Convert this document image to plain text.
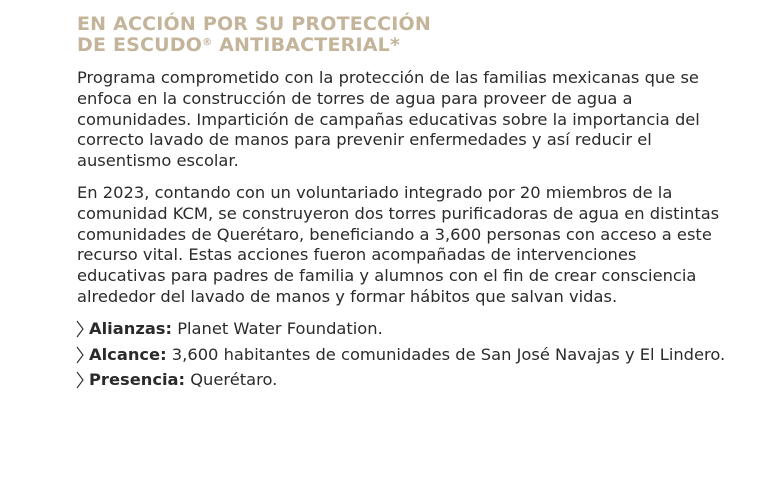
EN ACCIÓN POR SU PROTECCIÓN
DE ESCUDO® ANTIBACTERIAL*

Programa comprometido con la protección de las familias mexicanas que se enfoca en la construcción de torres de agua para proveer de agua a comunidades. Impartición de campañas educativas sobre la importancia del correcto lavado de manos para prevenir enfermedades y así reducir el ausentismo escolar.

En 2023, contando con un voluntariado integrado por 20 miembros de la comunidad KCM, se construyeron dos torres purificadoras de agua en distintas comunidades de Querétaro, beneficiando a 3,600 personas con acceso a este recurso vital. Estas acciones fueron acompañadas de intervenciones educativas para padres de familia y alumnos con el fin de crear consciencia alrededor del lavado de manos y formar hábitos que salvan vidas.

Alianzas: Planet Water Foundation.
Alcance: 3,600 habitantes de comunidades de San José Navajas y El Lindero.
Presencia: Querétaro.
